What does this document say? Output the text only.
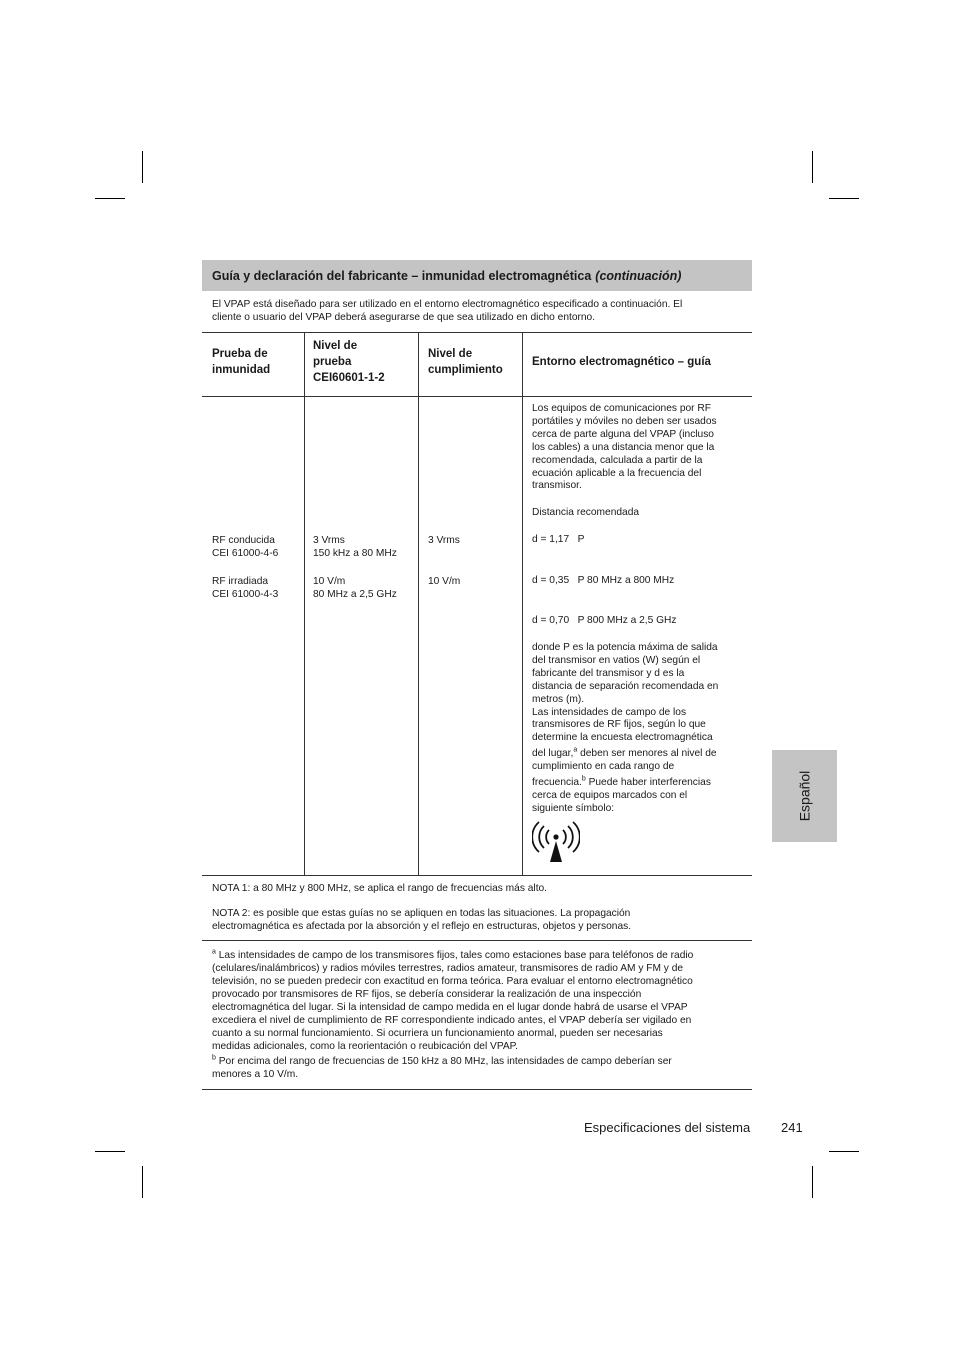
Guía y declaración del fabricante – inmunidad electromagnética (continuación)
El VPAP está diseñado para ser utilizado en el entorno electromagnético especificado a continuación. El
cliente o usuario del VPAP deberá asegurarse de que sea utilizado en dicho entorno.
Prueba de
inmunidad
Nivel de
prueba
CEI60601-1-2
Nivel de
cumplimiento
Entorno electromagnético – guía
RF conducida
CEI 61000-4-6
3 Vrms
150 kHz a 80 MHz
3 Vrms
RF irradiada
CEI 61000-4-3
10 V/m
80 MHz a 2,5 GHz
10 V/m
Los equipos de comunicaciones por RF
portátiles y móviles no deben ser usados
cerca de parte alguna del VPAP (incluso
los cables) a una distancia menor que la
recomendada, calculada a partir de la
ecuación aplicable a la frecuencia del
transmisor.
Distancia recomendada
d = 1,17   P
d = 0,35   P 80 MHz a 800 MHz
d = 0,70   P 800 MHz a 2,5 GHz
donde P es la potencia máxima de salida
del transmisor en vatios (W) según el
fabricante del transmisor y d es la
distancia de separación recomendada en
metros (m).
Las intensidades de campo de los
transmisores de RF fijos, según lo que
determine la encuesta electromagnética
del lugar,$^a$ deben ser menores al nivel de
cumplimiento en cada rango de
frecuencia.$^b$ Puede haber interferencias
cerca de equipos marcados con el
siguiente símbolo:
NOTA 1: a 80 MHz y 800 MHz, se aplica el rango de frecuencias más alto.
NOTA 2: es posible que estas guías no se apliquen en todas las situaciones. La propagación
electromagnética es afectada por la absorción y el reflejo en estructuras, objetos y personas.
$^a$ Las intensidades de campo de los transmisores fijos, tales como estaciones base para teléfonos de radio
(celulares/inalámbricos) y radios móviles terrestres, radios amateur, transmisores de radio AM y FM y de
televisión, no se pueden predecir con exactitud en forma teórica. Para evaluar el entorno electromagnético
provocado por transmisores de RF fijos, se debería considerar la realización de una inspección
electromagnética del lugar. Si la intensidad de campo medida en el lugar donde habrá de usarse el VPAP
excediera el nivel de cumplimiento de RF correspondiente indicado antes, el VPAP debería ser vigilado en
cuanto a su normal funcionamiento. Si ocurriera un funcionamiento anormal, pueden ser necesarias
medidas adicionales, como la reorientación o reubicación del VPAP.
$^b$ Por encima del rango de frecuencias de 150 kHz a 80 MHz, las intensidades de campo deberían ser
menores a 10 V/m.
Español
Especificaciones del sistema 241
